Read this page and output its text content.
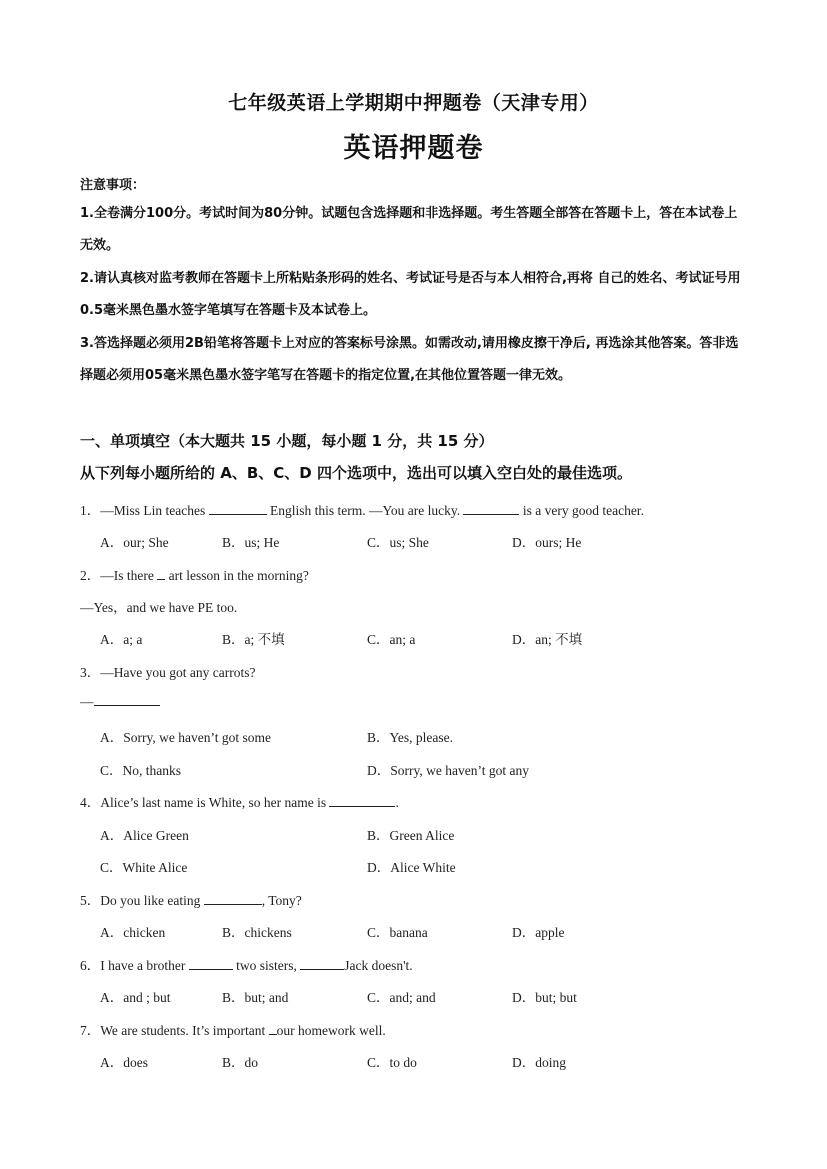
七年级英语上学期期中押题卷（天津专用）
英语押题卷
注意事项：
1.全卷满分100分。考试时间为80分钟。试题包含选择题和非选择题。考生答题全部答在答题卡上，答在本试卷上无效。
2.请认真核对监考教师在答题卡上所粘贴条形码的姓名、考试证号是否与本人相符合,再将 自己的姓名、考试证号用0.5毫米黑色墨水签字笔填写在答题卡及本试卷上。
3.答选择题必须用2B铅笔将答题卡上对应的答案标号涂黑。如需改动,请用橡皮擦干净后, 再选涂其他答案。答非选择题必须用05毫米黑色墨水签字笔写在答题卡的指定位置,在其他位置答题一律无效。
一、单项填空（本大题共 15 小题，每小题 1 分，共 15 分）
从下列每小题所给的 A、B、C、D 四个选项中，选出可以填入空白处的最佳选项。
1．—Miss Lin teaches	English this term. —You are lucky.	is a very good teacher.
A．our; She	B．us; He	C．us; She	D．ours; He
2．—Is there  art lesson in the morning?
—Yes，and we have PE too.
A．a; a	B．a; 不填	C．an; a	D．an; 不填
3．—Have you got any carrots?
—
A．Sorry, we haven’t got some	B．Yes, please.
C．No, thanks	D．Sorry, we haven’t got any
4．Alice’s last name is White, so her name is	.
A．Alice Green	B．Green Alice
C．White Alice	D．Alice White
5．Do you like eating	, Tony?
A．chicken	B．chickens	C．banana	D．apple
6．I have a brother	two sisters,	Jack doesn't.
A．and ; but	B．but; and	C．and; and	D．but; but
7．We are students. It’s important our homework well.
A．does	B．do	C．to do	D．doing
